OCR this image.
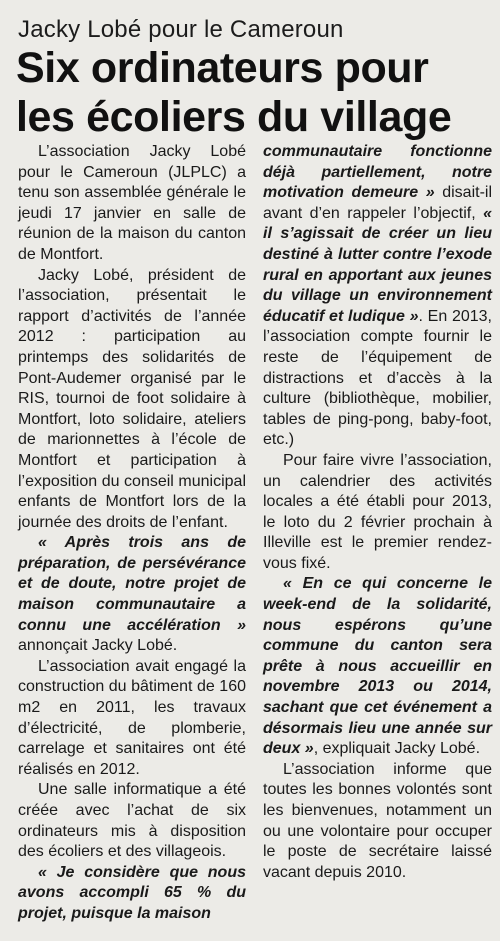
Jacky Lobé pour le Cameroun
Six ordinateurs pour
les écoliers du village

L’association Jacky Lobé pour le Cameroun (JLPLC) a tenu son assemblée générale le jeudi 17 janvier en salle de réunion de la maison du canton de Montfort.

Jacky Lobé, président de l’association, présentait le rapport d’activités de l’année 2012 : participation au printemps des solidarités de Pont-Audemer organisé par le RIS, tournoi de foot solidaire à Montfort, loto solidaire, ateliers de marionnettes à l’école de Montfort et participation à l’exposition du conseil municipal enfants de Montfort lors de la journée des droits de l’enfant.

« Après trois ans de préparation, de persévérance et de doute, notre projet de maison communautaire a connu une accélération » annonçait Jacky Lobé.

L’association avait engagé la construction du bâtiment de 160 m2 en 2011, les travaux d’électricité, de plomberie, carrelage et sanitaires ont été réalisés en 2012.

Une salle informatique a été créée avec l’achat de six ordinateurs mis à disposition des écoliers et des villageois.

« Je considère que nous avons accompli 65 % du projet, puisque la maison

communautaire fonctionne déjà partiellement, notre motivation demeure » disait-il avant d’en rappeler l’objectif, « il s’agissait de créer un lieu destiné à lutter contre l’exode rural en apportant aux jeunes du village un environnement éducatif et ludique ». En 2013, l’association compte fournir le reste de l’équipement de distractions et d’accès à la culture (bibliothèque, mobilier, tables de ping-pong, baby-foot, etc.)

Pour faire vivre l’association, un calendrier des activités locales a été établi pour 2013, le loto du 2 février prochain à Illeville est le premier rendez-vous fixé.

« En ce qui concerne le week-end de la solidarité, nous espérons qu’une commune du canton sera prête à nous accueillir en novembre 2013 ou 2014, sachant que cet événement a désormais lieu une année sur deux », expliquait Jacky Lobé.

L’association informe que toutes les bonnes volontés sont les bienvenues, notamment un ou une volontaire pour occuper le poste de secrétaire laissé vacant depuis 2010.
